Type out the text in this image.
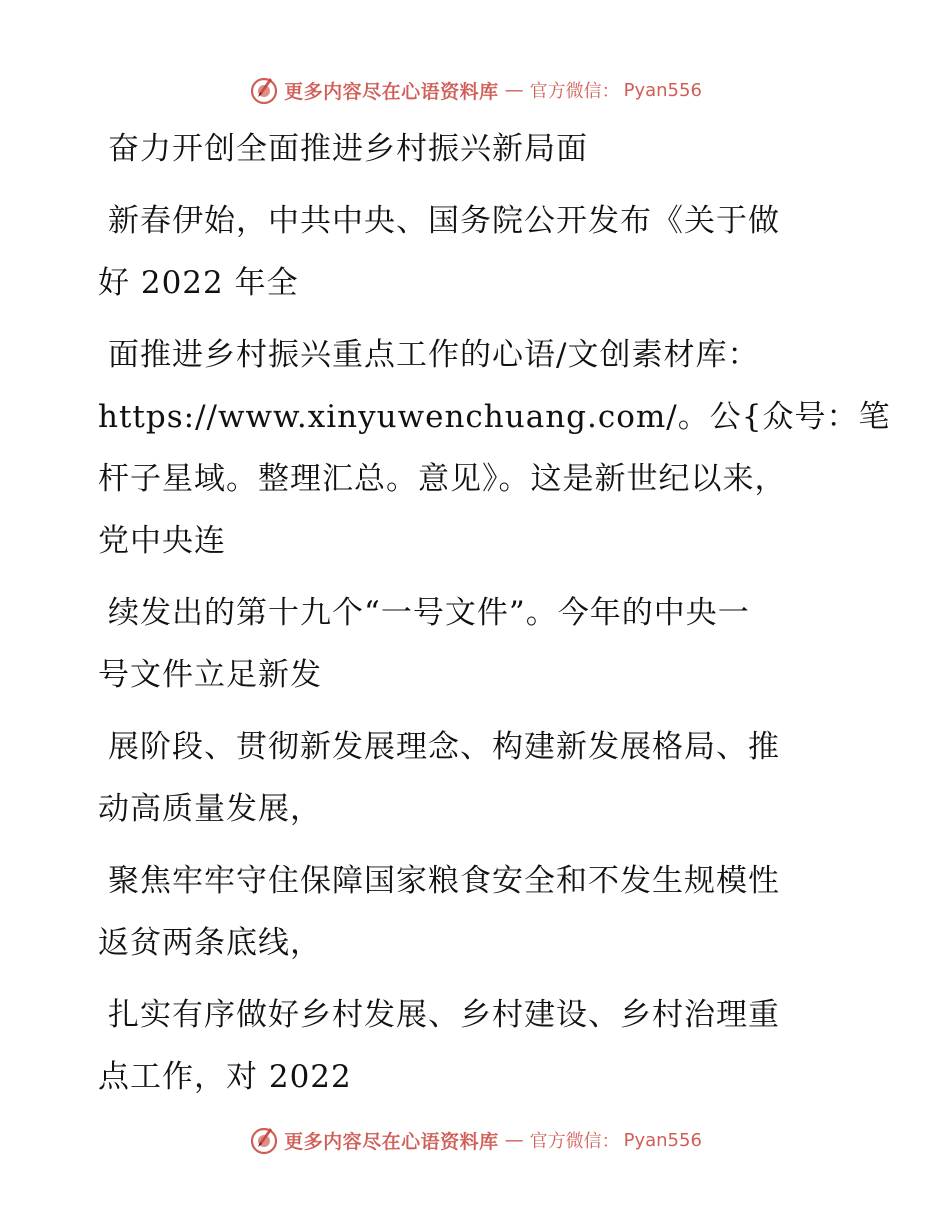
更多内容尽在心语资料库 — 官方微信： Pyan556
奋力开创全面推进乡村振兴新局面
新春伊始，中共中央、国务院公开发布《关于做
好 2022 年全
面推进乡村振兴重点工作的心语/文创素材库：
https://www.xinyuwenchuang.com/。公{众号：笔
杆子星域。整理汇总。意见》。这是新世纪以来，
党中央连
续发出的第十九个“一号文件”。今年的中央一
号文件立足新发
展阶段、贯彻新发展理念、构建新发展格局、推
动高质量发展，
聚焦牢牢守住保障国家粮食安全和不发生规模性
返贫两条底线，
扎实有序做好乡村发展、乡村建设、乡村治理重
点工作，对 2022
更多内容尽在心语资料库 — 官方微信： Pyan556
